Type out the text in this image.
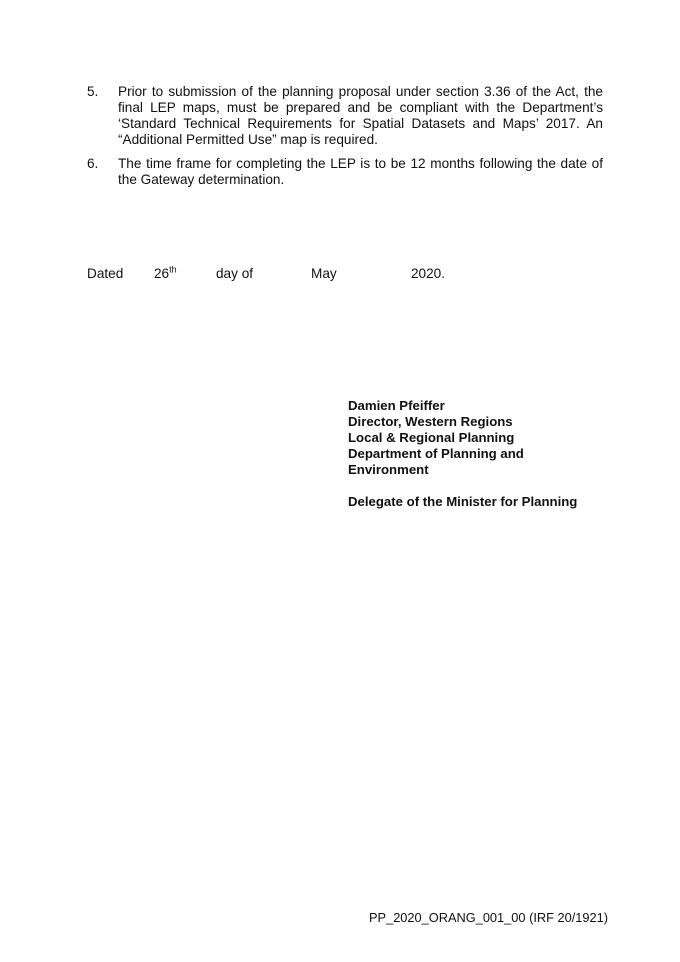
5. Prior to submission of the planning proposal under section 3.36 of the Act, the final LEP maps, must be prepared and be compliant with the Department’s ‘Standard Technical Requirements for Spatial Datasets and Maps’ 2017. An “Additional Permitted Use” map is required.
6. The time frame for completing the LEP is to be 12 months following the date of the Gateway determination.
Dated 26th	day of	May	2020.
Damien Pfeiffer
Director, Western Regions
Local & Regional Planning
Department of Planning and
Environment
Delegate of the Minister for Planning
PP_2020_ORANG_001_00 (IRF 20/1921)
